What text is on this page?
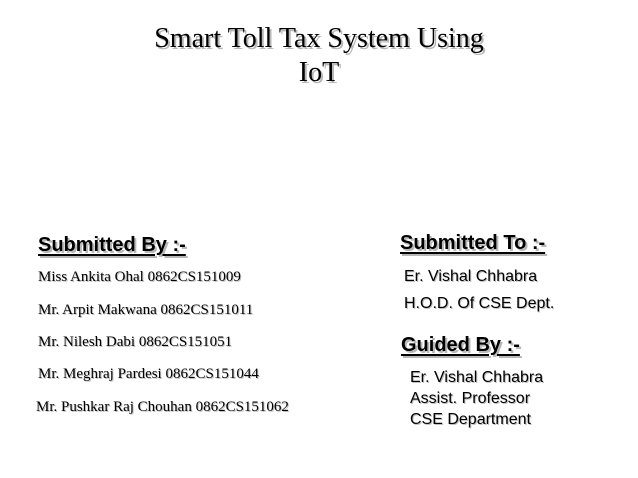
Smart Toll Tax System Using
IoT
Submitted By :-
Miss Ankita Ohal 0862CS151009
Mr. Arpit Makwana 0862CS151011
Mr. Nilesh Dabi 0862CS151051
Mr. Meghraj Pardesi 0862CS151044
Mr. Pushkar Raj Chouhan 0862CS151062
Submitted To :-
Er. Vishal Chhabra
H.O.D. Of CSE Dept.
Guided By :-
Er. Vishal Chhabra
Assist. Professor
CSE Department
